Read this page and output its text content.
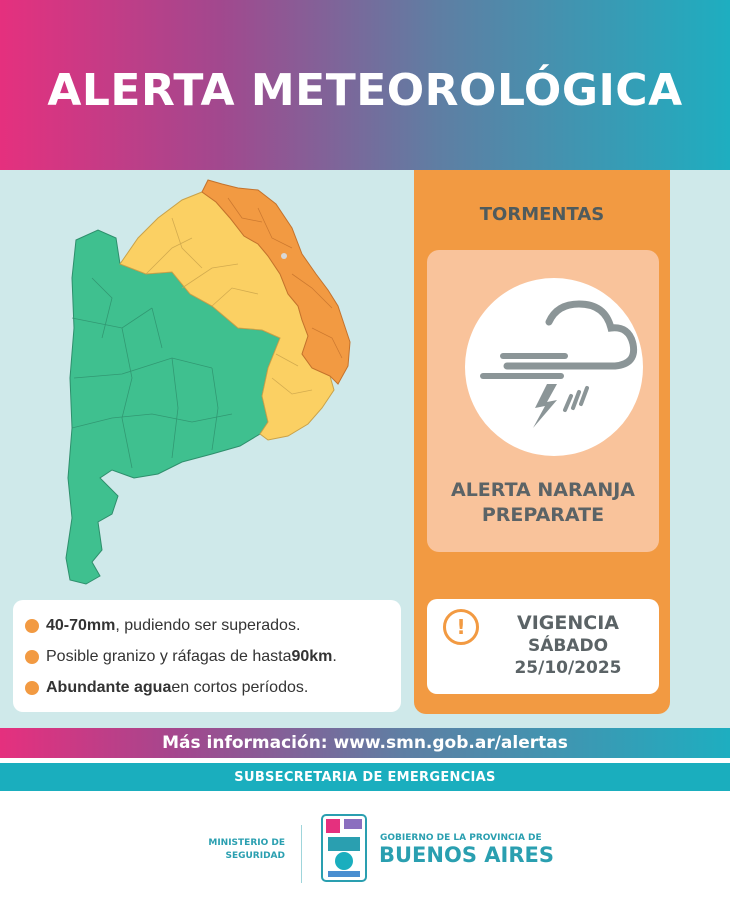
ALERTA METEOROLÓGICA
TORMENTAS
ALERTA NARANJA
PREPARATE
!	VIGENCIA
SÁBADO
25/10/2025
40-70mm , pudiendo ser superados.
Posible granizo y ráfagas de hasta 90km .
Abundante agua en cortos períodos.
Más información: www.smn.gob.ar/alertas
SUBSECRETARIA DE EMERGENCIAS
MINISTERIO DE
SEGURIDAD
GOBIERNO DE LA PROVINCIA DE
BUENOS AIRES
